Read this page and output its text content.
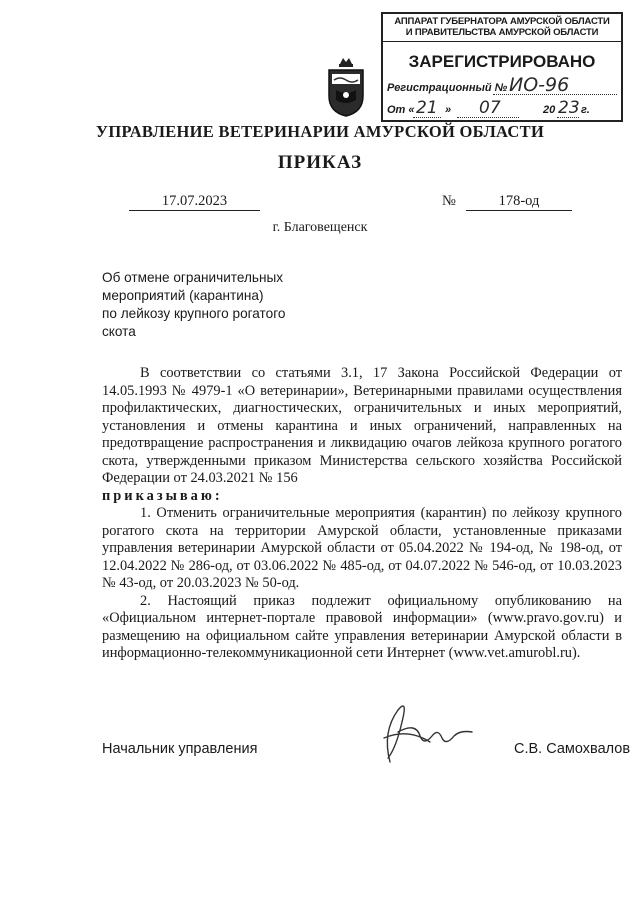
АППАРАТ ГУБЕРНАТОРА АМУРСКОЙ ОБЛАСТИ
И ПРАВИТЕЛЬСТВА АМУРСКОЙ ОБЛАСТИ
ЗАРЕГИСТРИРОВАНО
Регистрационный № ИО-96
От « 21 » 07	20 23 г.
УПРАВЛЕНИЕ ВЕТЕРИНАРИИ АМУРСКОЙ ОБЛАСТИ
ПРИКАЗ
17.07.2023	№	178-од
г. Благовещенск
Об отмене ограничительных
мероприятий (карантина)
по лейкозу крупного рогатого
скота

В соответствии со статьями 3.1, 17 Закона Российской Федерации от 14.05.1993 № 4979-1 «О ветеринарии», Ветеринарными правилами осуществления профилактических, диагностических, ограничительных и иных мероприятий, установления и отмены карантина и иных ограничений, направленных на предотвращение распространения и ликвидацию очагов лейкоза крупного рогатого скота, утвержденными приказом Министерства сельского хозяйства Российской Федерации от 24.03.2021 № 156

приказываю:

1. Отменить ограничительные мероприятия (карантин) по лейкозу крупного рогатого скота на территории Амурской области, установленные приказами управления ветеринарии Амурской области от 05.04.2022 № 194-од, № 198-од, от 12.04.2022 № 286-од, от 03.06.2022 № 485-од, от 04.07.2022 № 546-од, от 10.03.2023 № 43-од, от 20.03.2023 № 50-од.

2. Настоящий приказ подлежит официальному опубликованию на «Официальном интернет-портале правовой информации» (www.pravo.gov.ru) и размещению на официальном сайте управления ветеринарии Амурской области в информационно-телекоммуникационной сети Интернет (www.vet.amurobl.ru).

Начальник управления	С.В. Самохвалов
